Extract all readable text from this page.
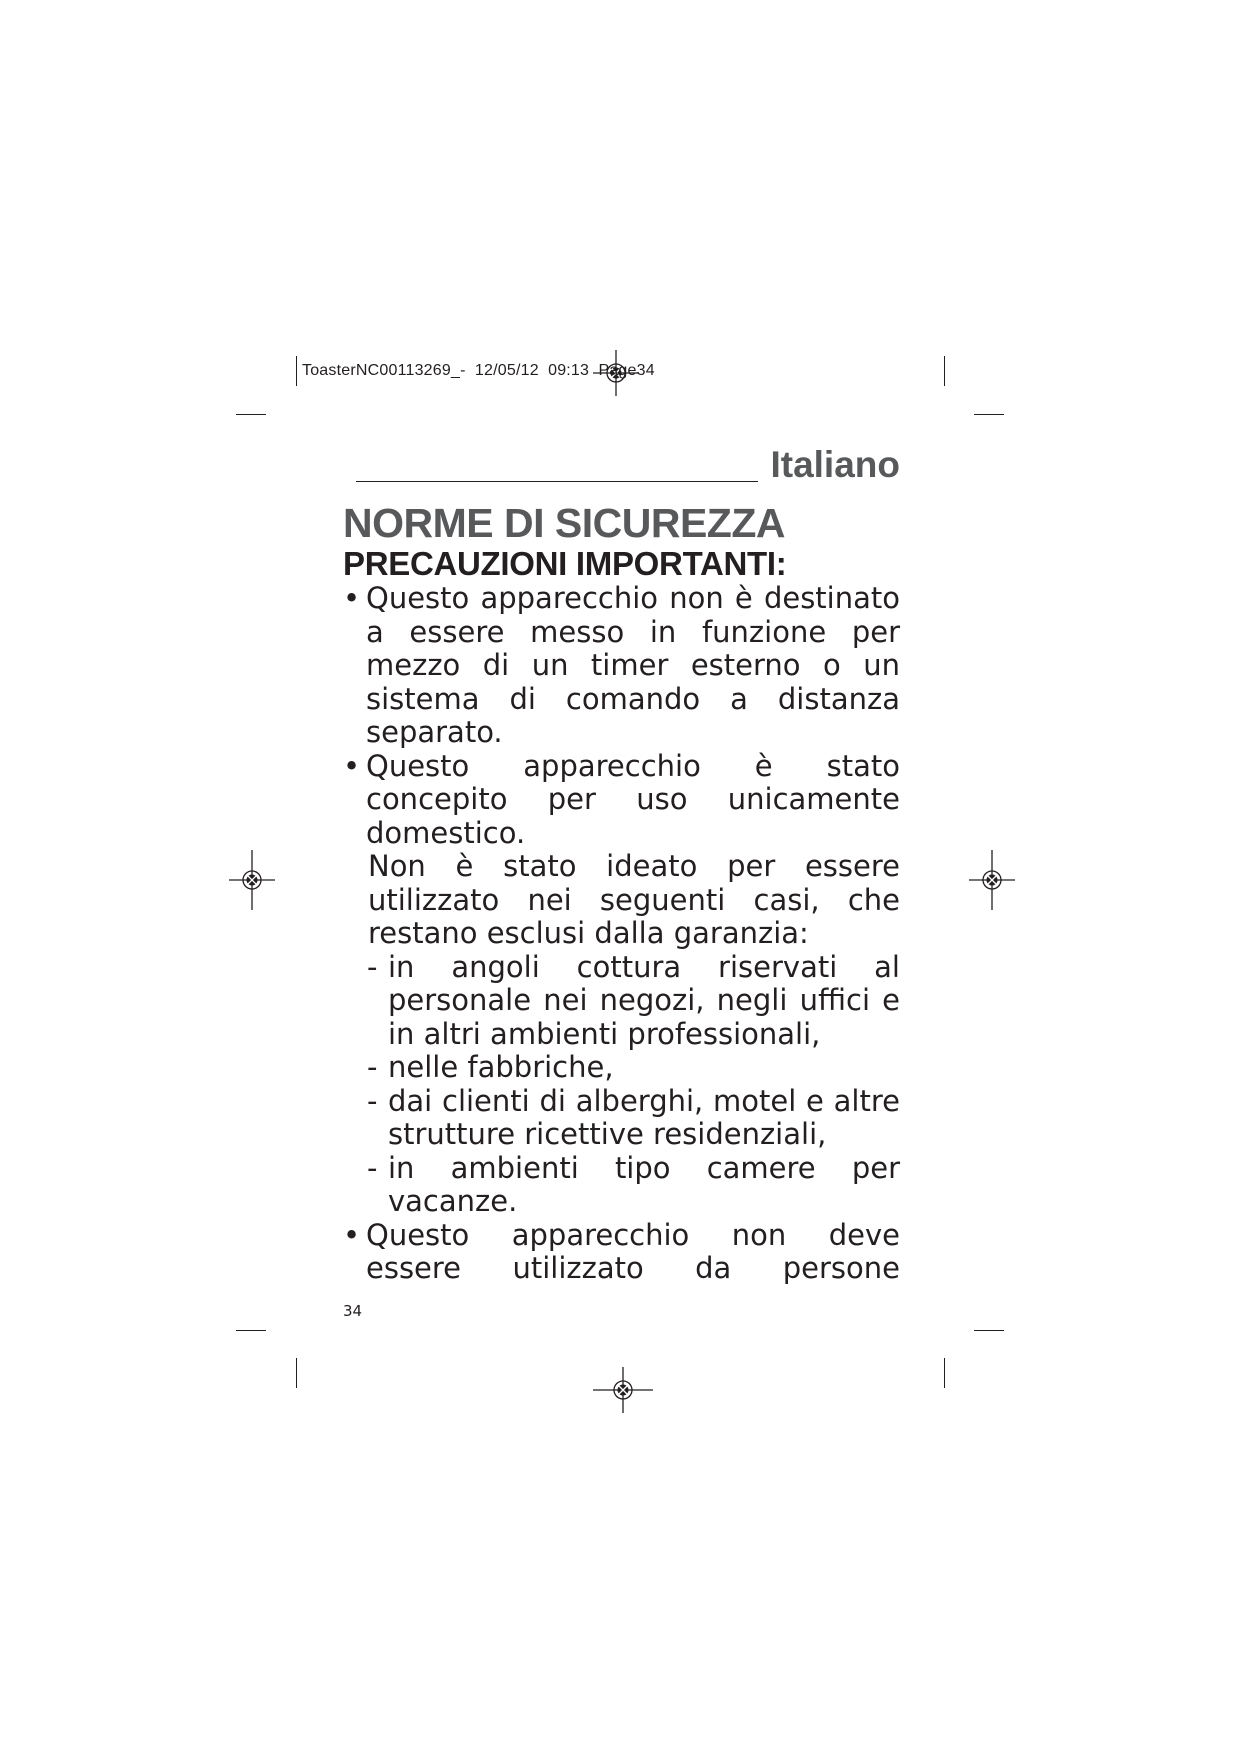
ToasterNC00113269_- 12/05/12 09:13 Page34
Italiano
NORME DI SICUREZZA
PRECAUZIONI IMPORTANTI:
• Questo apparecchio non è destinato a essere messo in funzione per mezzo di un timer esterno o un sistema di comando a distanza separato.
• Questo apparecchio è stato concepito per uso unicamente domestico.
Non è stato ideato per essere utilizzato nei seguenti casi, che restano esclusi dalla garanzia:
- in angoli cottura riservati al personale nei negozi, negli uffici e in altri ambienti professionali,
- nelle fabbriche,
- dai clienti di alberghi, motel e altre strutture ricettive residenziali,
- in ambienti tipo camere per vacanze.
• Questo apparecchio non deve essere utilizzato da persone
34
